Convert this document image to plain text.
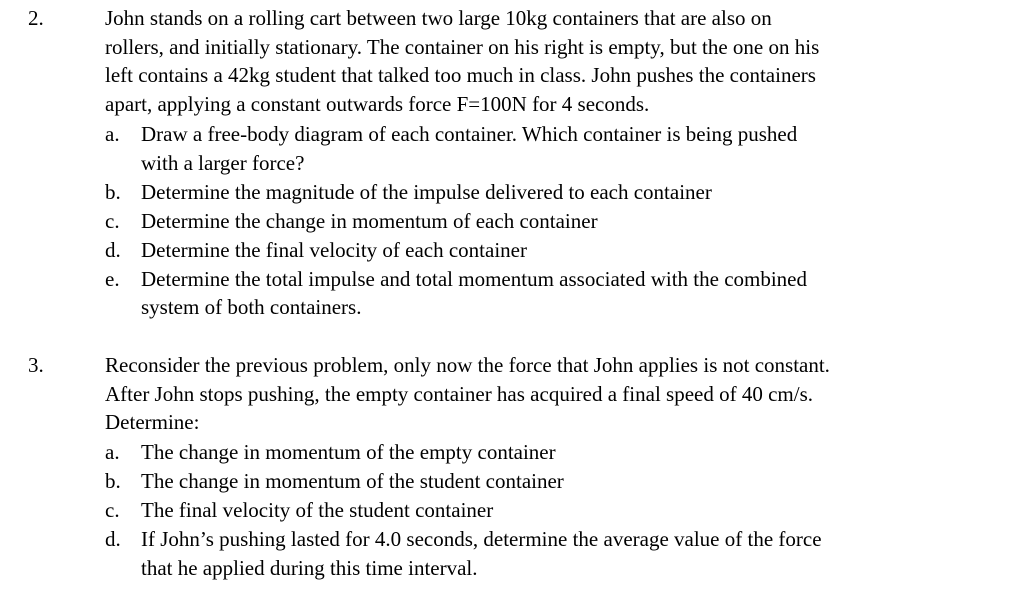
2.	John stands on a rolling cart between two large 10kg containers that are also on

rollers, and initially stationary. The container on his right is empty, but the one on his

left contains a 42kg student that talked too much in class. John pushes the containers

apart, applying a constant outwards force F=100N for 4 seconds.

a. Draw a free-body diagram of each container. Which container is being pushed
with a larger force?
b. Determine the magnitude of the impulse delivered to each container
c. Determine the change in momentum of each container
d. Determine the final velocity of each container
e. Determine the total impulse and total momentum associated with the combined
system of both containers.
3.	Reconsider the previous problem, only now the force that John applies is not constant.

After John stops pushing, the empty container has acquired a final speed of 40 cm/s.

Determine:

a. The change in momentum of the empty container
b. The change in momentum of the student container
c. The final velocity of the student container
d. If John’s pushing lasted for 4.0 seconds, determine the average value of the force
that he applied during this time interval.
